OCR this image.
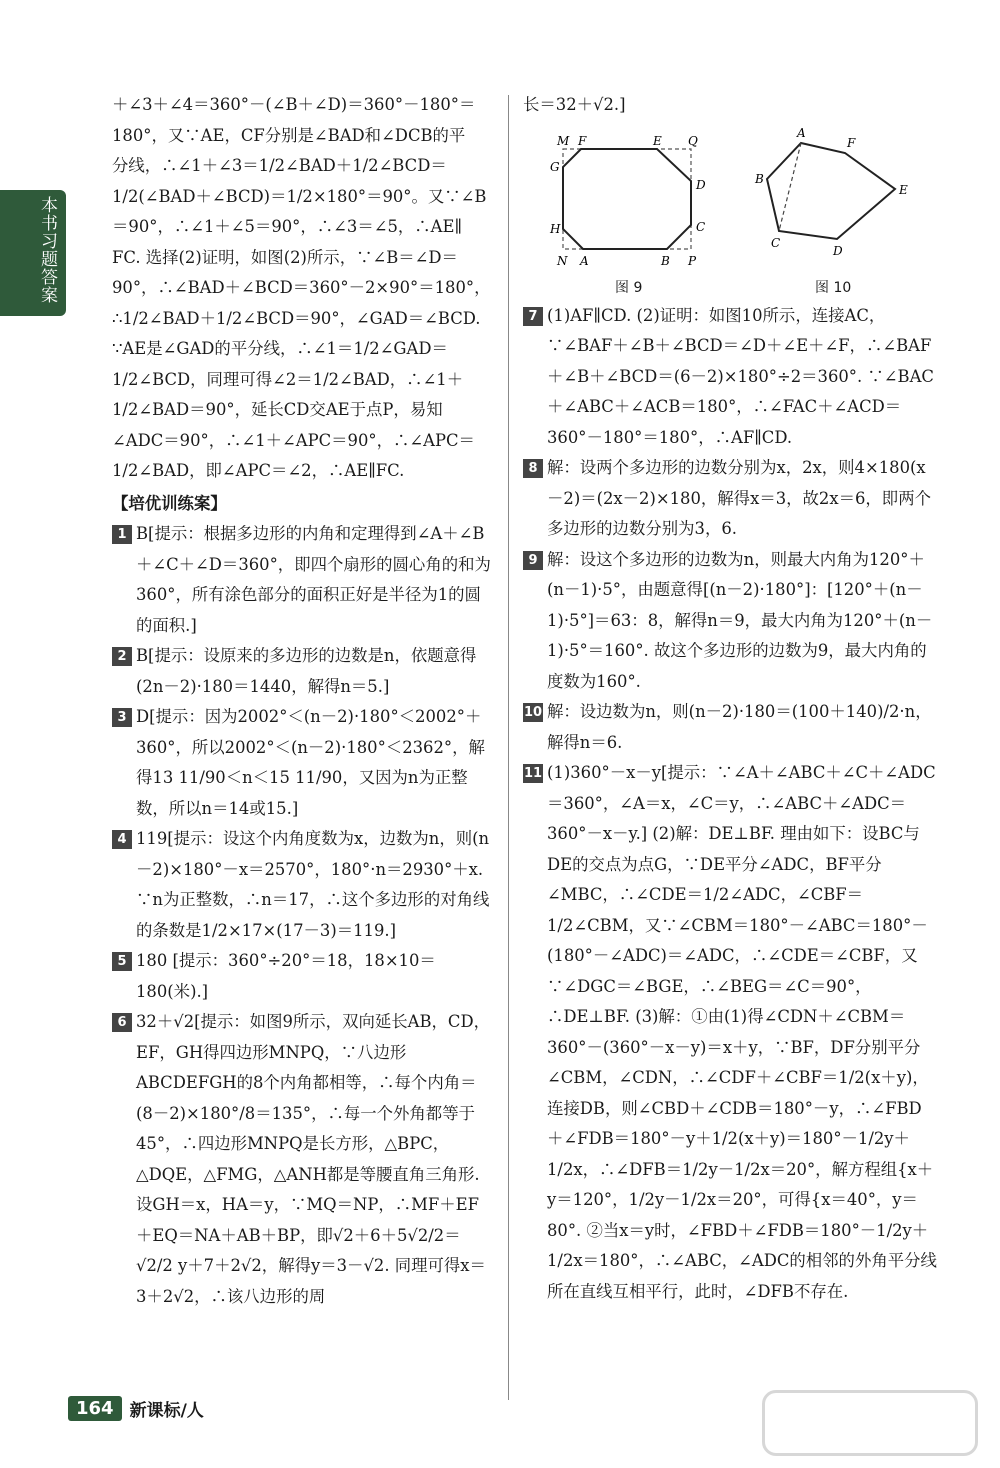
本书习题答案

＋∠3＋∠4＝360°－(∠B＋∠D)＝360°－180°＝

180°，又∵AE，CF分别是∠BAD和∠DCB的平

分线，∴∠1＋∠3＝1/2∠BAD＋1/2∠BCD＝

1/2(∠BAD＋∠BCD)＝1/2×180°＝90°。又∵∠B

＝90°，∴∠1＋∠5＝90°，∴∠3＝∠5，∴AE∥

FC. 选择(2)证明，如图(2)所示，∵∠B＝∠D＝

90°，∴∠BAD＋∠BCD＝360°－2×90°＝180°，

∴1/2∠BAD＋1/2∠BCD＝90°，∠GAD＝∠BCD.

∵AE是∠GAD的平分线，∴∠1＝1/2∠GAD＝

1/2∠BCD，同理可得∠2＝1/2∠BAD，∴∠1＋

1/2∠BAD＝90°，延长CD交AE于点P，易知

∠ADC＝90°，∴∠1＋∠APC＝90°，∴∠APC＝

1/2∠BAD，即∠APC＝∠2，∴AE∥FC.

【培优训练案】

1 B[提示：根据多边形的内角和定理得到∠A＋∠B＋∠C＋∠D＝360°，即四个扇形的圆心角的和为360°，所有涂色部分的面积正好是半径为1的圆的面积.]

2 B[提示：设原来的多边形的边数是n，依题意得(2n－2)·180＝1440，解得n＝5.]

3 D[提示：因为2002°＜(n－2)·180°＜2002°＋360°，所以2002°＜(n－2)·180°＜2362°，解得13 11/90＜n＜15 11/90，又因为n为正整数，所以n＝14或15.]

4 119[提示：设这个内角度数为x，边数为n，则(n－2)×180°－x＝2570°，180°·n＝2930°＋x. ∵n为正整数，∴n＝17，∴这个多边形的对角线的条数是1/2×17×(17－3)＝119.]

5 180 [提示：360°÷20°＝18，18×10＝180(米).]

6 32＋√2[提示：如图9所示，双向延长AB，CD，EF，GH得四边形MNPQ，∵八边形ABCDEFGH的8个内角都相等，∴每个内角＝(8－2)×180°/8＝135°，∴每一个外角都等于45°，∴四边形MNPQ是长方形，△BPC，△DQE，△FMG，△ANH都是等腰直角三角形. 设GH＝x，HA＝y，∵MQ＝NP，∴MF＋EF＋EQ＝NA＋AB＋BP，即√2＋6＋5√2/2＝√2/2 y＋7＋2√2，解得y＝3－√2. 同理可得x＝3＋2√2，∴该八边形的周

长＝32＋√2.]

M F	E Q
G
D
C
H
N A	B P
A
F
B
E
C
D
图 9	图 10
7 (1)AF∥CD. (2)证明：如图10所示，连接AC，∵∠BAF＋∠B＋∠BCD＝∠D＋∠E＋∠F，∴∠BAF＋∠B＋∠BCD＝(6－2)×180°÷2＝360°. ∵∠BAC＋∠ABC＋∠ACB＝180°，∴∠FAC＋∠ACD＝360°－180°＝180°，∴AF∥CD.

8 解：设两个多边形的边数分别为x，2x，则4×180(x－2)＝(2x－2)×180，解得x＝3，故2x＝6，即两个多边形的边数分别为3，6.

9 解：设这个多边形的边数为n，则最大内角为120°＋(n－1)·5°，由题意得[(n－2)·180°]：[120°＋(n－1)·5°]＝63：8，解得n＝9，最大内角为120°＋(n－1)·5°＝160°. 故这个多边形的边数为9，最大内角的度数为160°.

10 解：设边数为n，则(n－2)·180＝(100＋140)/2·n，解得n＝6.

11 (1)360°－x－y[提示：∵∠A＋∠ABC＋∠C＋∠ADC＝360°，∠A＝x，∠C＝y，∴∠ABC＋∠ADC＝360°－x－y.] (2)解：DE⊥BF. 理由如下：设BC与DE的交点为点G，∵DE平分∠ADC，BF平分∠MBC，∴∠CDE＝1/2∠ADC，∠CBF＝1/2∠CBM，又∵∠CBM＝180°－∠ABC＝180°－(180°－∠ADC)＝∠ADC，∴∠CDE＝∠CBF，又∵∠DGC＝∠BGE，∴∠BEG＝∠C＝90°，∴DE⊥BF. (3)解：①由(1)得∠CDN＋∠CBM＝360°－(360°－x－y)＝x＋y，∵BF，DF分别平分∠CBM，∠CDN，∴∠CDF＋∠CBF＝1/2(x＋y)，连接DB，则∠CBD＋∠CDB＝180°－y，∴∠FBD＋∠FDB＝180°－y＋1/2(x＋y)＝180°－1/2y＋1/2x，∴∠DFB＝1/2y－1/2x＝20°，解方程组{x＋y＝120°，1/2y－1/2x＝20°，可得{x＝40°，y＝80°. ②当x＝y时，∠FBD＋∠FDB＝180°－1/2y＋1/2x＝180°，∴∠ABC，∠ADC的相邻的外角平分线所在直线互相平行，此时，∠DFB不存在.

164 新课标/人
